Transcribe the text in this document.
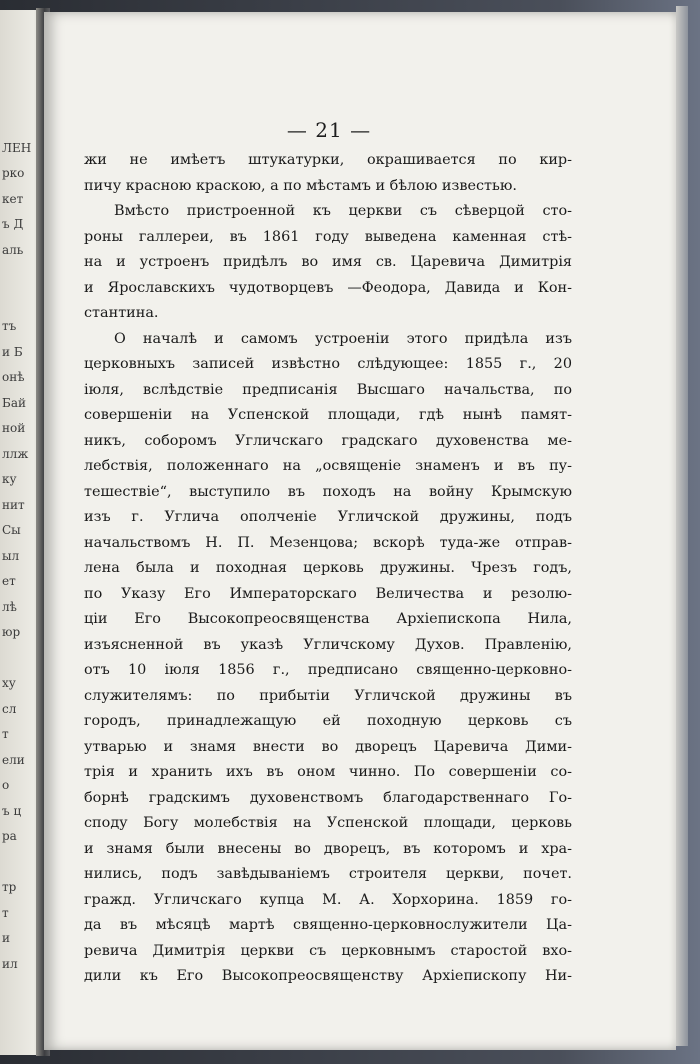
ЛЕН
рко
кет
ъ Д
аль
тъ
и Б
онѣ
Бай
ной
ллж
ку
нит
Сы
ыл
ет
лѣ
юр
ху
сл
т
ели
о
ъ ц
ра
тр
т
и
ил
— 21 —
жи не имѣетъ штукатурки, окрашивается по кир-
пичу красною краскою, а по мѣстамъ и бѣлою известью.
Вмѣсто пристроенной къ церкви съ сѣверцой сто-
роны галлереи, въ 1861 году выведена каменная стѣ-
на и устроенъ придѣлъ во имя св. Царевича Димитрія
и Ярославскихъ чудотворцевъ —Феодора, Давида и Кон-
стантина.
О началѣ и самомъ устроеніи этого придѣла изъ
церковныхъ записей извѣстно слѣдующее: 1855 г., 20
іюля, вслѣдствіе предписанія Высшаго начальства, по
совершеніи на Успенской площади, гдѣ нынѣ памят-
никъ, соборомъ Угличскаго градскаго духовенства ме-
лебствія, положеннаго на „освященіе знаменъ и въ пу-
тешествіе“, выступило въ походъ на войну Крымскую
изъ г. Углича ополченіе Угличской дружины, подъ
начальствомъ Н. П. Мезенцова; вскорѣ туда-же отправ-
лена была и походная церковь дружины. Чрезъ годъ,
по Указу Его Императорскаго Величества и резолю-
ціи Его Высокопреосвященства Архіепископа Нила,
изъясненной въ указѣ Угличскому Духов. Правленію,
отъ 10 іюля 1856 г., предписано священно-церковно-
служителямъ: по прибытіи Угличской дружины въ
городъ, принадлежащую ей походную церковь съ
утварью и знамя внести во дворецъ Царевича Дими-
трія и хранить ихъ въ оном чинно. По совершеніи со-
борнѣ градскимъ духовенствомъ благодарственнаго Го-
споду Богу молебствія на Успенской площади, церковь
и знамя были внесены во дворецъ, въ которомъ и хра-
нились, подъ завѣдываніемъ строителя церкви, почет.
гражд. Угличскаго купца М. А. Хорхорина. 1859 го-
да въ мѣсяцѣ мартѣ священно-церковнослужители Ца-
ревича Димитрія церкви съ церковнымъ старостой вхо-
дили къ Его Высокопреосвященству Архіепископу Ни-
